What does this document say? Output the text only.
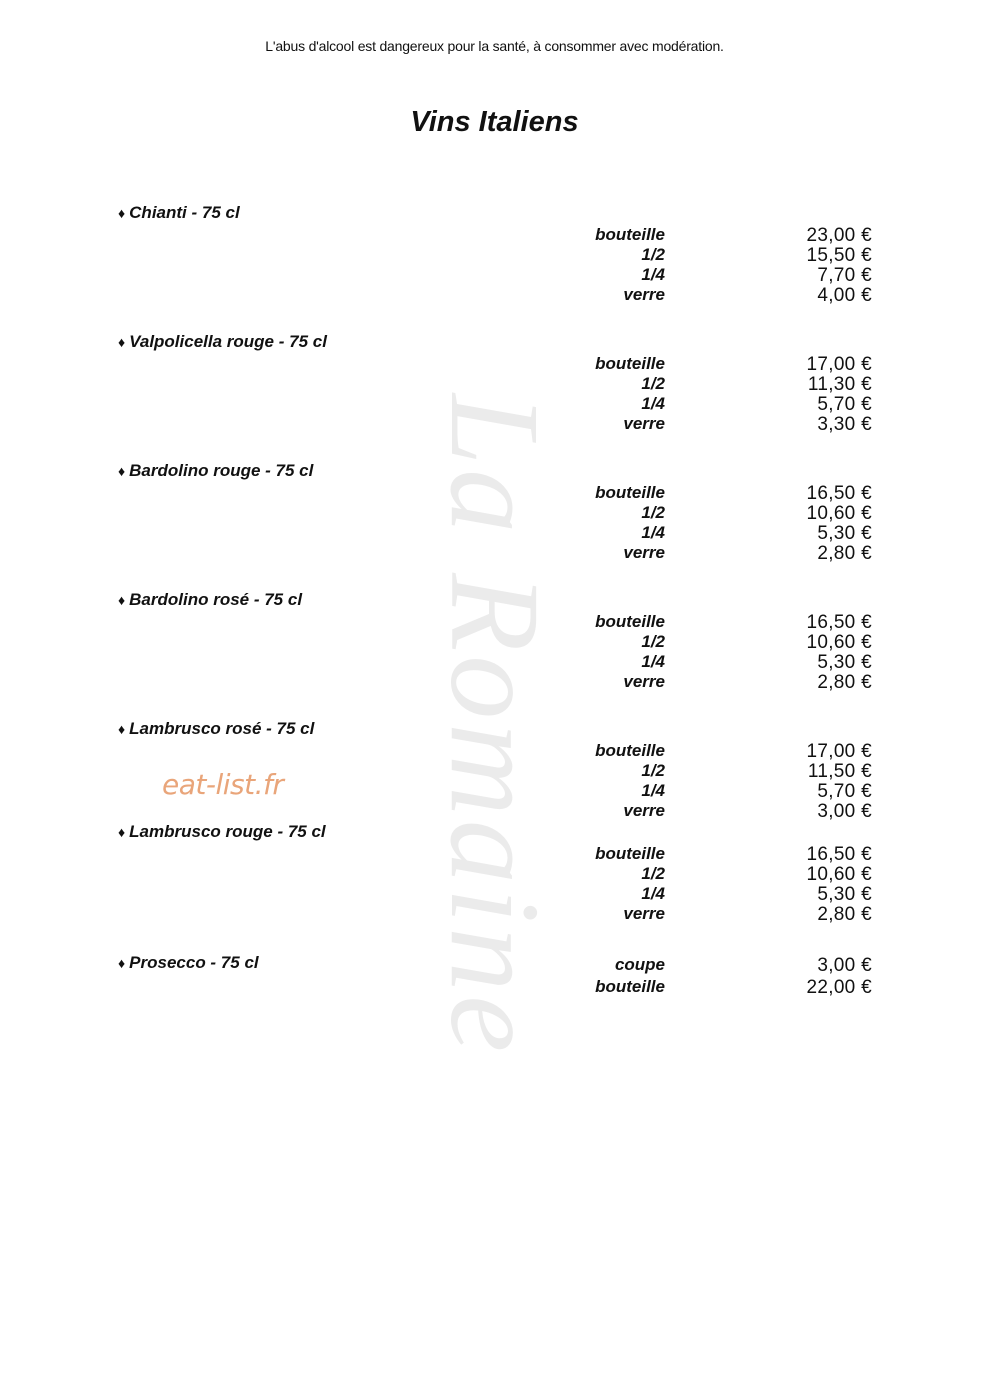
L'abus d'alcool est dangereux pour la santé, à consommer avec modération.
Vins Italiens
La Romaine
eat-list.fr
♦ Chianti - 75 cl
bouteille	23,00 €
1/2	15,50 €
1/4	7,70 €
verre	4,00 €
♦ Valpolicella rouge - 75 cl
bouteille	17,00 €
1/2	11,30 €
1/4	5,70 €
verre	3,30 €
♦ Bardolino rouge - 75 cl
bouteille	16,50 €
1/2	10,60 €
1/4	5,30 €
verre	2,80 €
♦ Bardolino rosé - 75 cl
bouteille	16,50 €
1/2	10,60 €
1/4	5,30 €
verre	2,80 €
♦ Lambrusco rosé - 75 cl
bouteille	17,00 €
1/2	11,50 €
1/4	5,70 €
verre	3,00 €
♦ Lambrusco rouge - 75 cl
bouteille	16,50 €
1/2	10,60 €
1/4	5,30 €
verre	2,80 €
♦ Prosecco - 75 cl	coupe	3,00 €
bouteille	22,00 €
